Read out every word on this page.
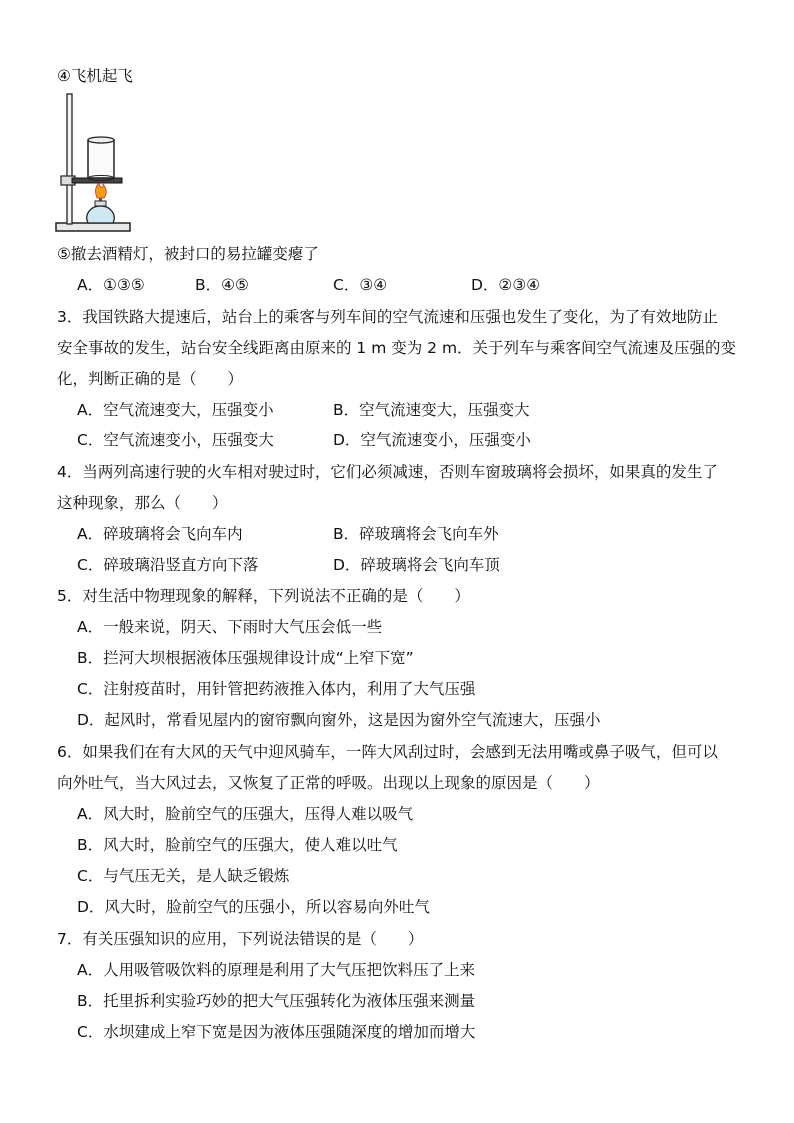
④飞机起飞
⑤撤去酒精灯，被封口的易拉罐变瘪了
A．①③⑤	B．④⑤	C．③④	D．②③④
3．我国铁路大提速后，站台上的乘客与列车间的空气流速和压强也发生了变化，为了有效地防止
安全事故的发生，站台安全线距离由原来的 1 m 变为 2 m．关于列车与乘客间空气流速及压强的变
化，判断正确的是（　　）
A．空气流速变大，压强变小	B．空气流速变大，压强变大
C．空气流速变小，压强变大	D．空气流速变小，压强变小
4．当两列高速行驶的火车相对驶过时，它们必须减速，否则车窗玻璃将会损坏，如果真的发生了
这种现象，那么（　　）
A．碎玻璃将会飞向车内	B．碎玻璃将会飞向车外
C．碎玻璃沿竖直方向下落	D．碎玻璃将会飞向车顶
5．对生活中物理现象的解释，下列说法不正确的是（　　）
A．一般来说，阴天、下雨时大气压会低一些
B．拦河大坝根据液体压强规律设计成“上窄下宽”
C．注射疫苗时，用针管把药液推入体内，利用了大气压强
D．起风时，常看见屋内的窗帘飘向窗外，这是因为窗外空气流速大，压强小
6．如果我们在有大风的天气中迎风骑车，一阵大风刮过时，会感到无法用嘴或鼻子吸气，但可以
向外吐气，当大风过去，又恢复了正常的呼吸。出现以上现象的原因是（　　）
A．风大时，脸前空气的压强大，压得人难以吸气
B．风大时，脸前空气的压强大，使人难以吐气
C．与气压无关，是人缺乏锻炼
D．风大时，脸前空气的压强小，所以容易向外吐气
7．有关压强知识的应用，下列说法错误的是（　　）
A．人用吸管吸饮料的原理是利用了大气压把饮料压了上来
B．托里拆利实验巧妙的把大气压强转化为液体压强来测量
C．水坝建成上窄下宽是因为液体压强随深度的增加而增大
